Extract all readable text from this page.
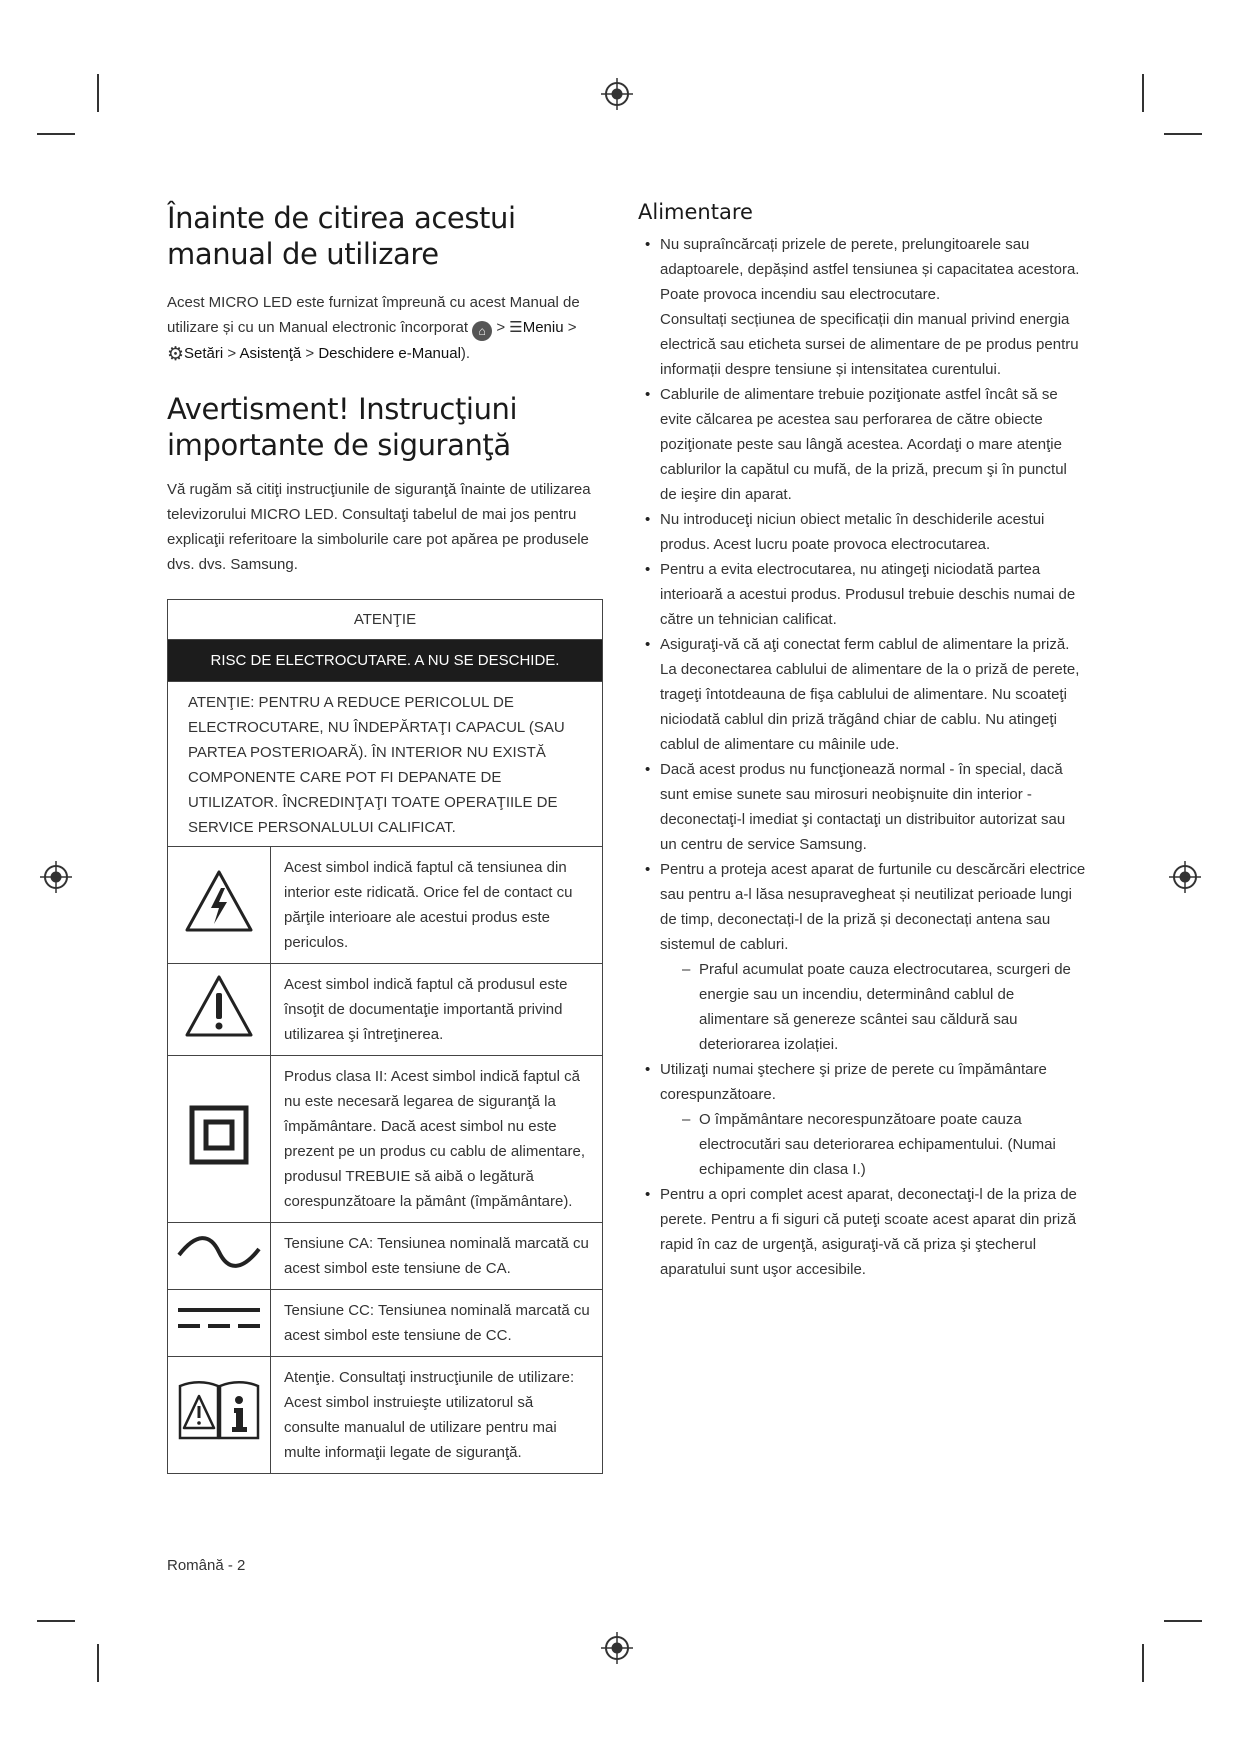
Înainte de citirea acestui manual de utilizare

Acest MICRO LED este furnizat împreună cu acest Manual de utilizare și cu un Manual electronic încorporat ⌂ > ☰Meniu >
⚙Setări > Asistenţă > Deschidere e-Manual).

Avertisment! Instrucţiuni importante de siguranţă

Vă rugăm să citiţi instrucţiunile de siguranţă înainte de utilizarea televizorului MICRO LED. Consultaţi tabelul de mai jos pentru explicaţii referitoare la simbolurile care pot apărea pe produsele dvs. dvs. Samsung.

ATENŢIE	
RISC DE ELECTROCUTARE. A NU SE DESCHIDE.	
ATENŢIE: PENTRU A REDUCE PERICOLUL DE ELECTROCUTARE, NU ÎNDEPĂRTAŢI CAPACUL (SAU PARTEA POSTERIOARĂ). ÎN INTERIOR NU EXISTĂ COMPONENTE CARE POT FI DEPANATE DE UTILIZATOR. ÎNCREDINŢAŢI TOATE OPERAŢIILE DE SERVICE PERSONALULUI CALIFICAT.	
	Acest simbol indică faptul că tensiunea din interior este ridicată. Orice fel de contact cu părţile interioare ale acestui produs este periculos.
	Acest simbol indică faptul că produsul este însoţit de documentaţie importantă privind utilizarea şi întreţinerea.
	Produs clasa II: Acest simbol indică faptul că nu este necesară legarea de siguranţă la împământare. Dacă acest simbol nu este prezent pe un produs cu cablu de alimentare, produsul TREBUIE să aibă o legătură corespunzătoare la pământ (împământare).
	Tensiune CA: Tensiunea nominală marcată cu acest simbol este tensiune de CA.
	Tensiune CC: Tensiunea nominală marcată cu acest simbol este tensiune de CC.
	Atenţie. Consultaţi instrucţiunile de utilizare: Acest simbol instruieşte utilizatorul să consulte manualul de utilizare pentru mai multe informaţii legate de siguranţă.
Alimentare
• Nu supraîncărcați prizele de perete, prelungitoarele sau adaptoarele, depășind astfel tensiunea și capacitatea acestora. Poate provoca incendiu sau electrocutare.
Consultați secțiunea de specificații din manual privind energia electrică sau eticheta sursei de alimentare de pe produs pentru informații despre tensiune și intensitatea curentului.
• Cablurile de alimentare trebuie poziţionate astfel încât să se evite călcarea pe acestea sau perforarea de către obiecte poziţionate peste sau lângă acestea. Acordaţi o mare atenţie cablurilor la capătul cu mufă, de la priză, precum şi în punctul de ieşire din aparat.
• Nu introduceţi niciun obiect metalic în deschiderile acestui produs. Acest lucru poate provoca electrocutarea.
• Pentru a evita electrocutarea, nu atingeţi niciodată partea interioară a acestui produs. Produsul trebuie deschis numai de către un tehnician calificat.
• Asiguraţi-vă că aţi conectat ferm cablul de alimentare la priză. La deconectarea cablului de alimentare de la o priză de perete, trageţi întotdeauna de fişa cablului de alimentare. Nu scoateţi niciodată cablul din priză trăgând chiar de cablu. Nu atingeţi cablul de alimentare cu mâinile ude.
• Dacă acest produs nu funcţionează normal - în special, dacă sunt emise sunete sau mirosuri neobişnuite din interior - deconectaţi-l imediat şi contactaţi un distribuitor autorizat sau un centru de service Samsung.
• Pentru a proteja acest aparat de furtunile cu descărcări electrice sau pentru a-l lăsa nesupravegheat și neutilizat perioade lungi de timp, deconectați-l de la priză și deconectați antena sau sistemul de cabluri.
– Praful acumulat poate cauza electrocutarea, scurgeri de energie sau un incendiu, determinând cablul de alimentare să genereze scântei sau căldură sau deteriorarea izolației.
• Utilizaţi numai ştechere şi prize de perete cu împământare corespunzătoare.
– O împământare necorespunzătoare poate cauza electrocutări sau deteriorarea echipamentului. (Numai echipamente din clasa I.)
• Pentru a opri complet acest aparat, deconectaţi-l de la priza de perete. Pentru a fi siguri că puteţi scoate acest aparat din priză rapid în caz de urgenţă, asiguraţi-vă că priza şi ştecherul aparatului sunt uşor accesibile.
Română - 2
